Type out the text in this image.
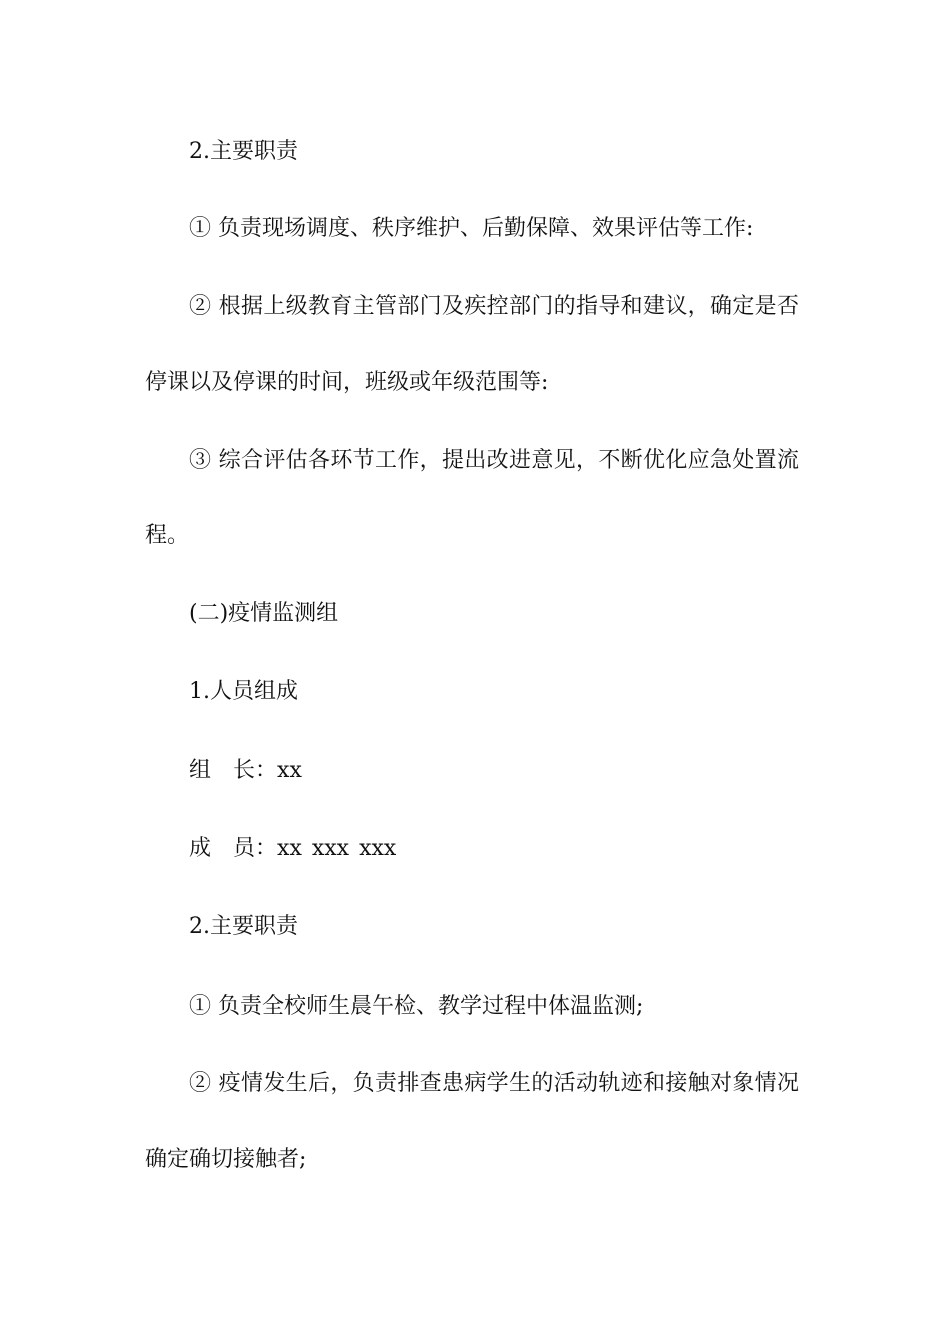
2.主要职责
① 负责现场调度、秩序维护、后勤保障、效果评估等工作:
② 根据上级教育主管部门及疾控部门的指导和建议，确定是否
停课以及停课的时间，班级或年级范围等:
③ 综合评估各环节工作，提出改进意见，不断优化应急处置流
程。
(二)疫情监测组
1.人员组成
组 长：xx
成 员：xx xxx xxx
2.主要职责
① 负责全校师生晨午检、教学过程中体温监测;
② 疫情发生后，负责排查患病学生的活动轨迹和接触对象情况
确定确切接触者;
